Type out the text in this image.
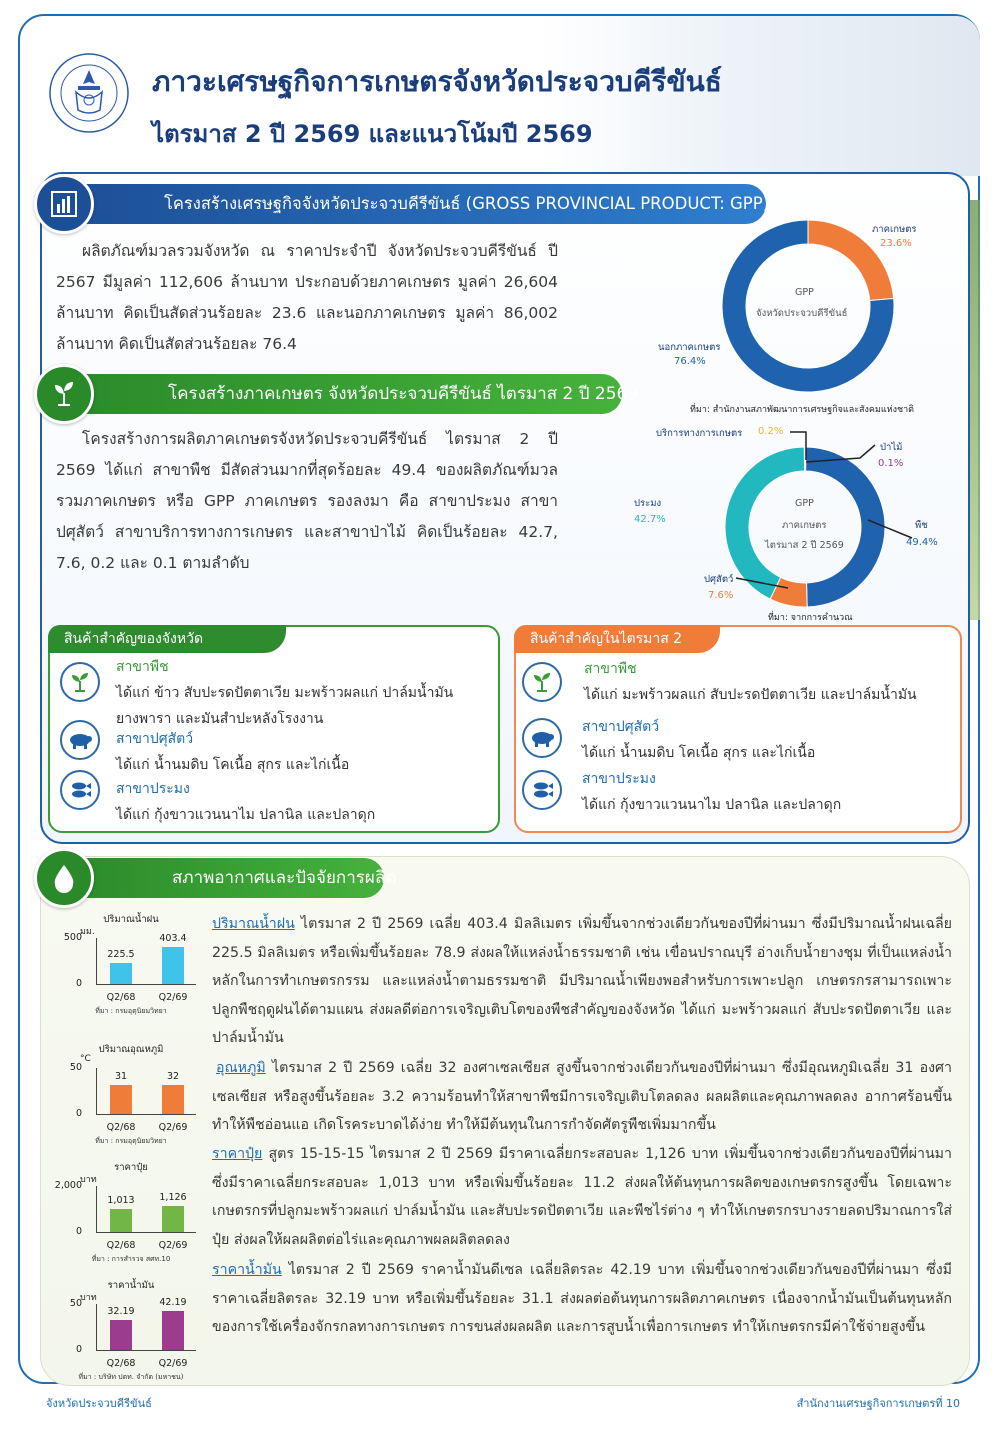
ภาวะเศรษฐกิจการเกษตรจังหวัดประจวบคีรีขันธ์
ไตรมาส 2 ปี 2569 และแนวโน้มปี 2569
โครงสร้างเศรษฐกิจจังหวัดประจวบคีรีขันธ์ (GROSS PROVINCIAL PRODUCT: GPP)
ผลิตภัณฑ์มวลรวมจังหวัด ณ ราคาประจำปี จังหวัดประจวบคีรีขันธ์ ปี 2567 มีมูลค่า 112,606 ล้านบาท ประกอบด้วยภาคเกษตร มูลค่า 26,604 ล้านบาท คิดเป็นสัดส่วนร้อยละ 23.6 และนอกภาคเกษตร มูลค่า 86,002 ล้านบาท คิดเป็นสัดส่วนร้อยละ 76.4
GPP
จังหวัดประจวบคีรีขันธ์
ภาคเกษตร
23.6%
นอกภาคเกษตร
76.4%
ที่มา: สำนักงานสภาพัฒนาการเศรษฐกิจและสังคมแห่งชาติ
โครงสร้างภาคเกษตร จังหวัดประจวบคีรีขันธ์ ไตรมาส 2 ปี 2569
โครงสร้างการผลิตภาคเกษตรจังหวัดประจวบคีรีขันธ์ ไตรมาส 2 ปี 2569 ได้แก่ สาขาพืช มีสัดส่วนมากที่สุดร้อยละ 49.4 ของผลิตภัณฑ์มวลรวมภาคเกษตร หรือ GPP ภาคเกษตร รองลงมา คือ สาขาประมง สาขาปศุสัตว์ สาขาบริการทางการเกษตร และสาขาป่าไม้ คิดเป็นร้อยละ 42.7, 7.6, 0.2 และ 0.1 ตามลำดับ
GPP
ภาคเกษตร
ไตรมาส 2 ปี 2569
บริการทางการเกษตร 0.2%
ป่าไม้
0.1%
พืช
49.4%
ประมง
42.7%
ปศุสัตว์
7.6%
ที่มา: จากการคำนวณ
สินค้าสำคัญของจังหวัด
สาขาพืช
ได้แก่ ข้าว สับปะรดปัตตาเวีย มะพร้าวผลแก่ ปาล์มน้ำมัน
ยางพารา และมันสำปะหลังโรงงาน
สาขาปศุสัตว์
ได้แก่ น้ำนมดิบ โคเนื้อ สุกร และไก่เนื้อ
สาขาประมง
ได้แก่ กุ้งขาวแวนนาไม ปลานิล และปลาดุก
สินค้าสำคัญในไตรมาส 2
สาขาพืช
ได้แก่ มะพร้าวผลแก่ สับปะรดปัตตาเวีย และปาล์มน้ำมัน
สาขาปศุสัตว์
ได้แก่ น้ำนมดิบ โคเนื้อ สุกร และไก่เนื้อ
สาขาประมง
ได้แก่ กุ้งขาวแวนนาไม ปลานิล และปลาดุก
สภาพอากาศและปัจจัยการผลิต
ปริมาณน้ำฝน ไตรมาส 2 ปี 2569 เฉลี่ย 403.4 มิลลิเมตร เพิ่มขึ้นจากช่วงเดียวกันของปีที่ผ่านมา ซึ่งมีปริมาณน้ำฝนเฉลี่ย 225.5 มิลลิเมตร หรือเพิ่มขึ้นร้อยละ 78.9 ส่งผลให้แหล่งน้ำธรรมชาติ เช่น เขื่อนปราณบุรี อ่างเก็บน้ำยางชุม ที่เป็นแหล่งน้ำหลักในการทำเกษตรกรรม และแหล่งน้ำตามธรรมชาติ มีปริมาณน้ำเพียงพอสำหรับการเพาะปลูก เกษตรกรสามารถเพาะปลูกพืชฤดูฝนได้ตามแผน ส่งผลดีต่อการเจริญเติบโตของพืชสำคัญของจังหวัด ได้แก่ มะพร้าวผลแก่ สับปะรดปัตตาเวีย และปาล์มน้ำมัน
อุณหภูมิ ไตรมาส 2 ปี 2569 เฉลี่ย 32 องศาเซลเซียส สูงขึ้นจากช่วงเดียวกันของปีที่ผ่านมา ซึ่งมีอุณหภูมิเฉลี่ย 31 องศาเซลเซียส หรือสูงขึ้นร้อยละ 3.2 ความร้อนทำให้สาขาพืชมีการเจริญเติบโตลดลง ผลผลิตและคุณภาพลดลง อากาศร้อนขึ้นทำให้พืชอ่อนแอ เกิดโรคระบาดได้ง่าย ทำให้มีต้นทุนในการกำจัดศัตรูพืชเพิ่มมากขึ้น
ราคาปุ๋ย สูตร 15-15-15 ไตรมาส 2 ปี 2569 มีราคาเฉลี่ยกระสอบละ 1,126 บาท เพิ่มขึ้นจากช่วงเดียวกันของปีที่ผ่านมา ซึ่งมีราคาเฉลี่ยกระสอบละ 1,013 บาท หรือเพิ่มขึ้นร้อยละ 11.2 ส่งผลให้ต้นทุนการผลิตของเกษตรกรสูงขึ้น โดยเฉพาะเกษตรกรที่ปลูกมะพร้าวผลแก่ ปาล์มน้ำมัน และสับปะรดปัตตาเวีย และพืชไร่ต่าง ๆ ทำให้เกษตรกรบางรายลดปริมาณการใส่ปุ๋ย ส่งผลให้ผลผลิตต่อไร่และคุณภาพผลผลิตลดลง
ราคาน้ำมัน ไตรมาส 2 ปี 2569 ราคาน้ำมันดีเซล เฉลี่ยลิตรละ 42.19 บาท เพิ่มขึ้นจากช่วงเดียวกันของปีที่ผ่านมา ซึ่งมีราคาเฉลี่ยลิตรละ 32.19 บาท หรือเพิ่มขึ้นร้อยละ 31.1 ส่งผลต่อต้นทุนการผลิตภาคเกษตร เนื่องจากน้ำมันเป็นต้นทุนหลักของการใช้เครื่องจักรกลทางการเกษตร การขนส่งผลผลิต และการสูบน้ำเพื่อการเกษตร ทำให้เกษตรกรมีค่าใช้จ่ายสูงขึ้น
ปริมาณน้ำฝน
มม.
500
0
225.5
Q2/68
403.4
Q2/69
ที่มา : กรมอุตุนิยมวิทยา
ปริมาณอุณหภูมิ
°C
50
0
31
Q2/68
32
Q2/69
ที่มา : กรมอุตุนิยมวิทยา
ราคาปุ๋ย
บาท
2,000
0
1,013
Q2/68
1,126
Q2/69
ที่มา : การสำรวจ สศท.10
ราคาน้ำมัน
บาท
50
0
32.19
Q2/68
42.19
Q2/69
ที่มา : บริษัท ปตท. จำกัด (มหาชน)
จังหวัดประจวบคีรีขันธ์	สำนักงานเศรษฐกิจการเกษตรที่ 10
